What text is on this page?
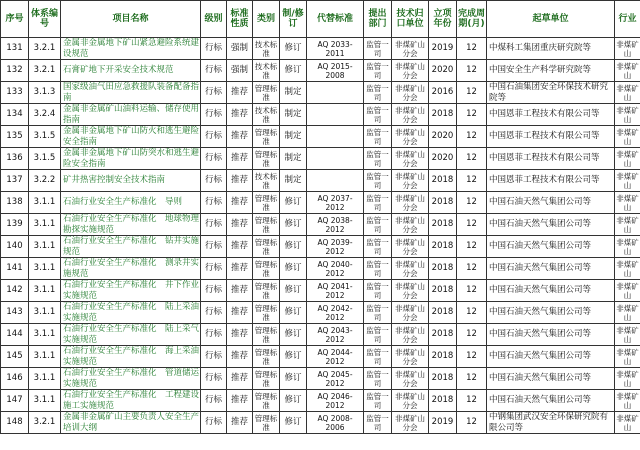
序号	体系编号	项目名称	级别	标准性质	类别	制/修订	代替标准	提出部门	技术归口单位	立项年份	完成周期(月)	起草单位	行业
131	3.2.1	金属非金属地下矿山紧急避险系统建设规范	行标	强制	技术标准	修订	AQ 2033-2011	监管一司	非煤矿山分会	2019	12	中煤科工集团重庆研究院等	非煤矿山
132	3.2.1	石膏矿地下开采安全技术规范	行标	强制	技术标准	修订	AQ 2015-2008	监管一司	非煤矿山分会	2020	12	中国安全生产科学研究院等	非煤矿山
133	3.1.3	国家级油气田应急救援队装备配备指南	行标	推荐	管理标准	制定		监管一司	非煤矿山分会	2016	12	中国石油集团安全环保技术研究院等	非煤矿山
134	3.2.4	金属非金属矿山油料运输、储存使用指南	行标	推荐	技术标准	制定		监管一司	非煤矿山分会	2018	12	中国恩菲工程技术有限公司等	非煤矿山
135	3.1.5	金属非金属地下矿山防火和逃生避险安全指南	行标	推荐	管理标准	制定		监管一司	非煤矿山分会	2020	12	中国恩菲工程技术有限公司等	非煤矿山
136	3.1.5	金属非金属地下矿山防突水和逃生避险安全指南	行标	推荐	管理标准	制定		监管一司	非煤矿山分会	2020	12	中国恩菲工程技术有限公司等	非煤矿山
137	3.2.2	矿井热害控制安全技术指南	行标	推荐	技术标准	制定		监管一司	非煤矿山分会	2018	12	中国恩菲工程技术有限公司等	非煤矿山
138	3.1.1	石油行业安全生产标准化　导则	行标	推荐	管理标准	修订	AQ 2037-2012	监管一司	非煤矿山分会	2018	12	中国石油天然气集团公司等	非煤矿山
139	3.1.1	石油行业安全生产标准化　地球物理勘探实施规范	行标	推荐	管理标准	修订	AQ 2038-2012	监管一司	非煤矿山分会	2018	12	中国石油天然气集团公司等	非煤矿山
140	3.1.1	石油行业安全生产标准化　钻井实施规范	行标	推荐	管理标准	修订	AQ 2039-2012	监管一司	非煤矿山分会	2018	12	中国石油天然气集团公司等	非煤矿山
141	3.1.1	石油行业安全生产标准化　测录井实施规范	行标	推荐	管理标准	修订	AQ 2040-2012	监管一司	非煤矿山分会	2018	12	中国石油天然气集团公司等	非煤矿山
142	3.1.1	石油行业安全生产标准化　井下作业实施规范	行标	推荐	管理标准	修订	AQ 2041-2012	监管一司	非煤矿山分会	2018	12	中国石油天然气集团公司等	非煤矿山
143	3.1.1	石油行业安全生产标准化　陆上采油实施规范	行标	推荐	管理标准	修订	AQ 2042-2012	监管一司	非煤矿山分会	2018	12	中国石油天然气集团公司等	非煤矿山
144	3.1.1	石油行业安全生产标准化　陆上采气实施规范	行标	推荐	管理标准	修订	AQ 2043-2012	监管一司	非煤矿山分会	2018	12	中国石油天然气集团公司等	非煤矿山
145	3.1.1	石油行业安全生产标准化　海上采油实施规范	行标	推荐	管理标准	修订	AQ 2044-2012	监管一司	非煤矿山分会	2018	12	中国石油天然气集团公司等	非煤矿山
146	3.1.1	石油行业安全生产标准化　管道储运实施规范	行标	推荐	管理标准	修订	AQ 2045-2012	监管一司	非煤矿山分会	2018	12	中国石油天然气集团公司等	非煤矿山
147	3.1.1	石油行业安全生产标准化　工程建设施工实施规范	行标	推荐	管理标准	修订	AQ 2046-2012	监管一司	非煤矿山分会	2018	12	中国石油天然气集团公司等	非煤矿山
148	3.2.1	金属非金属矿山主要负责人安全生产培训大纲	行标	推荐	管理标准	修订	AQ 2008-2006	监管一司	非煤矿山分会	2019	12	中钢集团武汉安全环保研究院有限公司等	非煤矿山
